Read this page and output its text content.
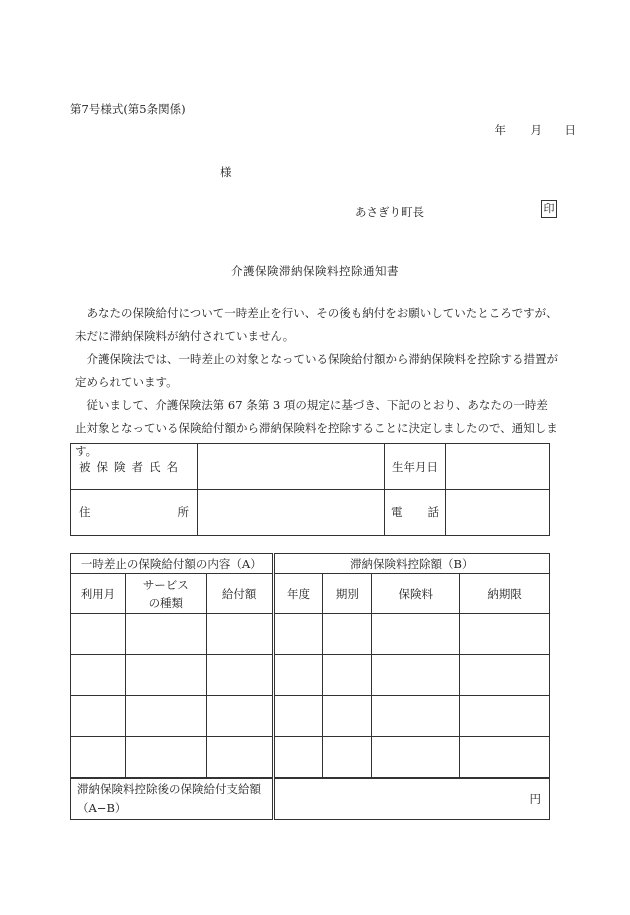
第7号様式(第5条関係)
年 月 日
様
あさぎり町長	印
介護保険滞納保険料控除通知書

あなたの保険給付について一時差止を行い、その後も納付をお願いしていたところですが、未だに滞納保険料が納付されていません。

介護保険法では、一時差止の対象となっている保険給付額から滞納保険料を控除する措置が定められています。

従いまして、介護保険法第 67 条第 3 項の規定に基づき、下記のとおり、あなたの一時差止対象となっている保険給付額から滞納保険料を控除することに決定しましたので、通知します。

被保険者氏名		生年月日	

住 所		電 話	

一時差止の保険給付額の内容（A）			滞納保険料控除額（B）			
利用月	サービスの種類	給付額	年度	期別	保険料	納期限

滞納保険料控除後の保険給付支給額
（A−B）			円			
